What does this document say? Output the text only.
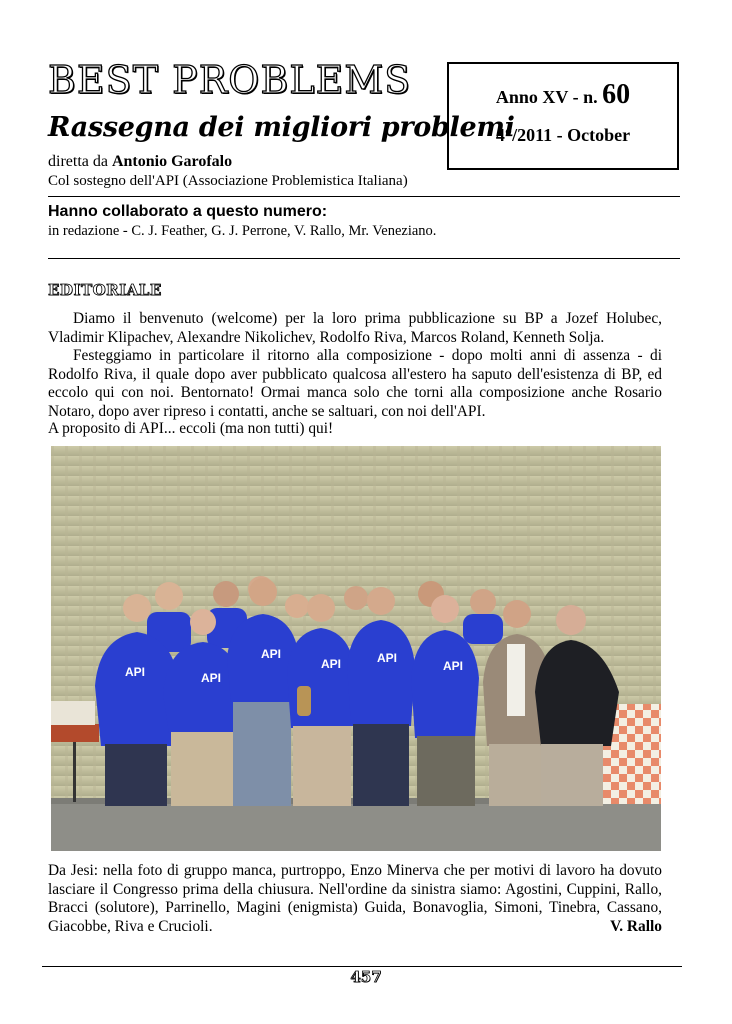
BEST PROBLEMS
Rassegna dei migliori problemi
diretta da Antonio Garofalo
Col sostegno dell'API (Associazione Problemistica Italiana)
Anno XV - n. 60
4°/2011 - October
Hanno collaborato a questo numero:
in redazione - C. J. Feather, G. J. Perrone, V. Rallo, Mr. Veneziano.
EDITORIALE
Diamo il benvenuto (welcome) per la loro prima pubblicazione su BP a Jozef Holubec, Vladimir Klipachev, Alexandre Nikolichev, Rodolfo Riva, Marcos Roland, Kenneth Solja.
Festeggiamo in particolare il ritorno alla composizione - dopo molti anni di assenza - di Rodolfo Riva, il quale dopo aver pubblicato qualcosa all'estero ha saputo dell'esistenza di BP, ed eccolo qui con noi. Bentornato! Ormai manca solo che torni alla composizione anche Rosario Notaro, dopo aver ripreso i contatti, anche se saltuari, con noi dell'API.
A proposito di API... eccoli (ma non tutti) qui!
API	API
API
API	API
API
Da Jesi: nella foto di gruppo manca, purtroppo, Enzo Minerva che per motivi di lavoro ha dovuto lasciare il Congresso prima della chiusura. Nell'ordine da sinistra siamo: Agostini, Cuppini, Rallo, Bracci (solutore), Parrinello, Magini (enigmista) Guida, Bonavoglia, Simoni, Tinebra, Cassano, Giacobbe, Riva e Crucioli.	V. Rallo
457
